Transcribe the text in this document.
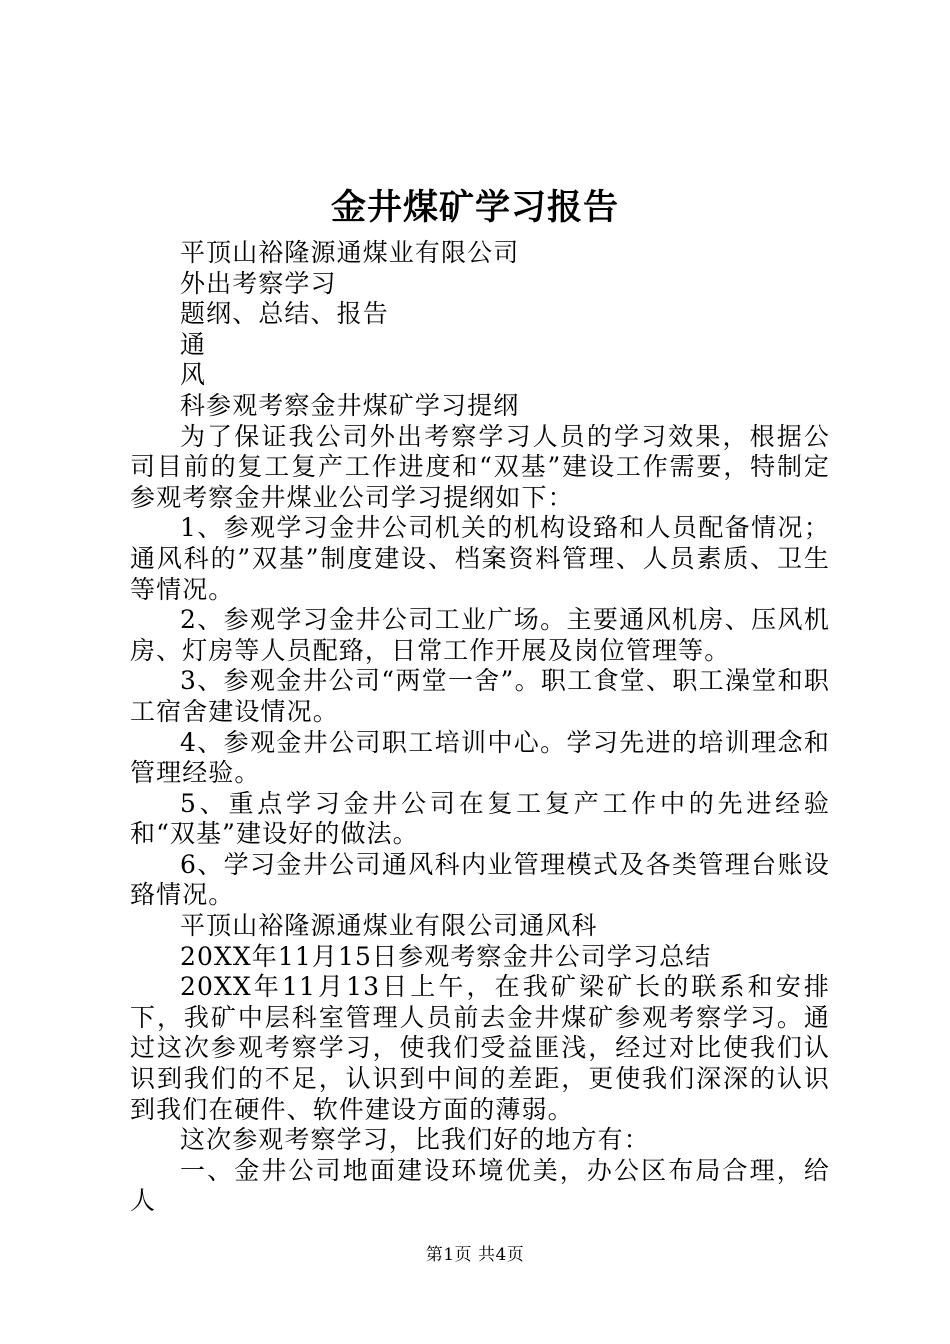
金井煤矿学习报告

平顶山裕隆源通煤业有限公司

外出考察学习

题纲、总结、报告

通

风

科参观考察金井煤矿学习提纲

为了保证我公司外出考察学习人员的学习效果，根据公司目前的复工复产工作进度和“双基”建设工作需要，特制定参观考察金井煤业公司学习提纲如下：

1、参观学习金井公司机关的机构设臵和人员配备情况；通风科的”双基”制度建设、档案资料管理、人员素质、卫生等情况。

2、参观学习金井公司工业广场。主要通风机房、压风机房、灯房等人员配臵，日常工作开展及岗位管理等。

3、参观金井公司“两堂一舍”。职工食堂、职工澡堂和职工宿舍建设情况。

4、参观金井公司职工培训中心。学习先进的培训理念和管理经验。

5、重点学习金井公司在复工复产工作中的先进经验和“双基”建设好的做法。

6、学习金井公司通风科内业管理模式及各类管理台账设臵情况。

平顶山裕隆源通煤业有限公司通风科

20XX年11月15日参观考察金井公司学习总结

20XX年11月13日上午，在我矿梁矿长的联系和安排下，我矿中层科室管理人员前去金井煤矿参观考察学习。通过这次参观考察学习，使我们受益匪浅，经过对比使我们认识到我们的不足，认识到中间的差距，更使我们深深的认识到我们在硬件、软件建设方面的薄弱。

这次参观考察学习，比我们好的地方有：

一、金井公司地面建设环境优美，办公区布局合理，给人

第1页 共4页
